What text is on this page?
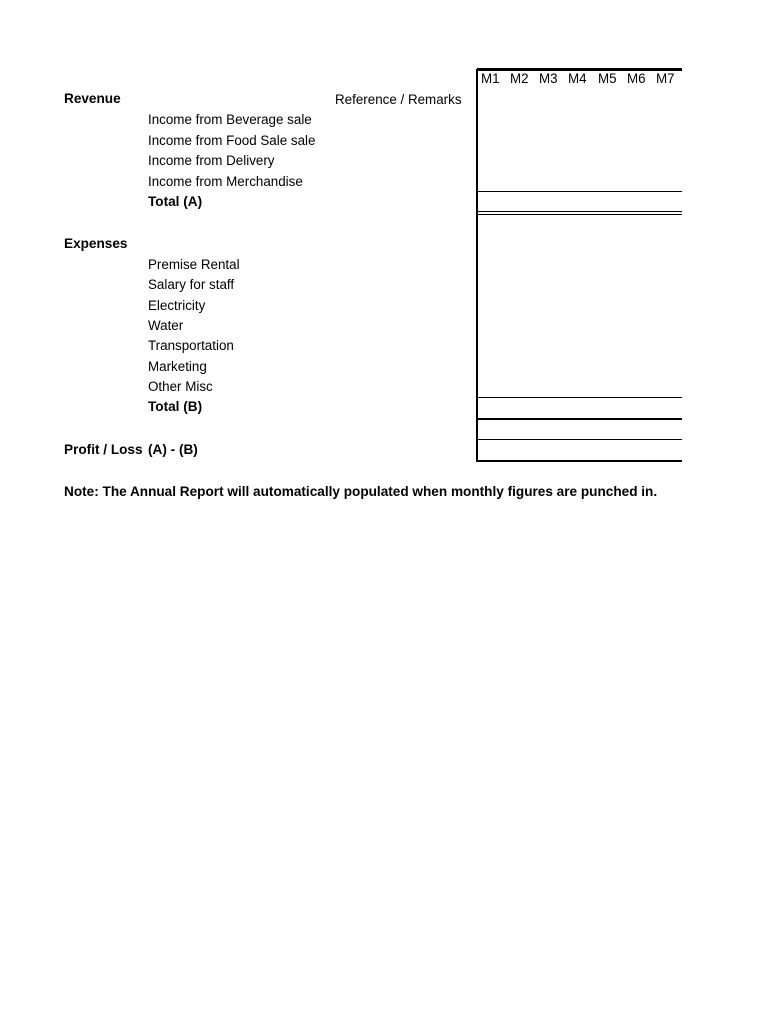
M1 M2 M3 M4 M5 M6 M7
Revenue	Reference / Remarks
Income from Beverage sale
Income from Food Sale sale
Income from Delivery
Income from Merchandise
Total (A)
Expenses
Premise Rental
Salary for staff
Electricity
Water
Transportation
Marketing
Other Misc
Total (B)
Profit / Loss (A) - (B)
Note: The Annual Report will automatically populated when monthly figures are punched in.
